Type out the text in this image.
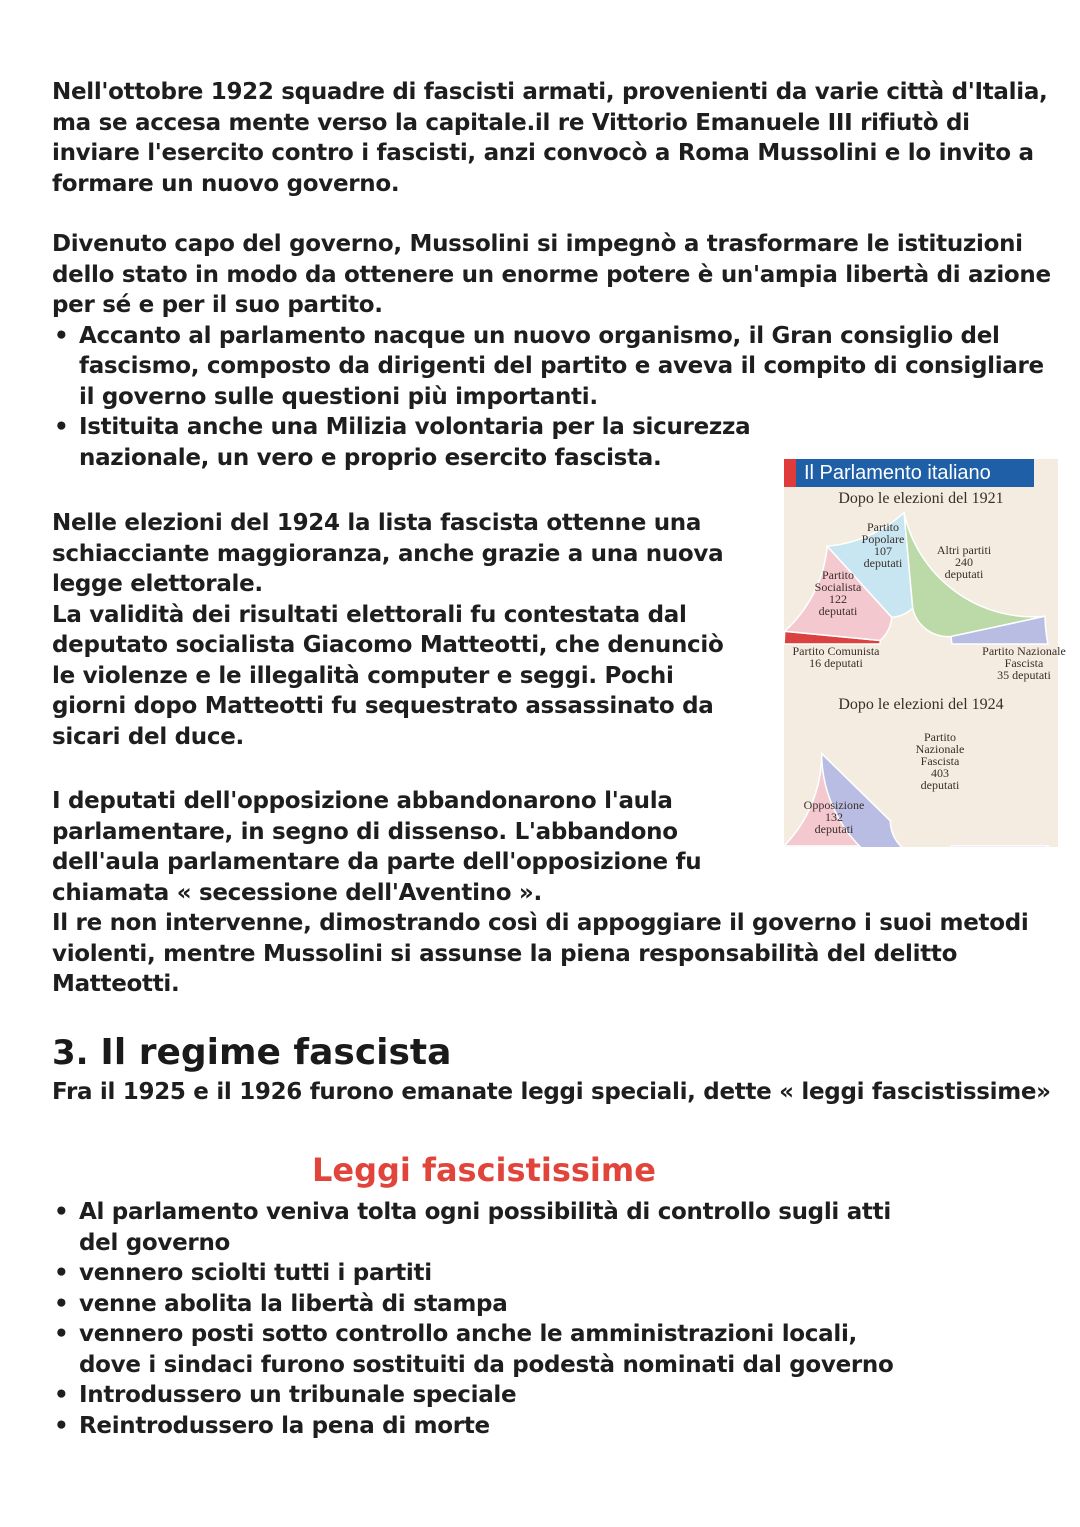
Nell'ottobre 1922 squadre di fascisti armati, provenienti da varie città d'Italia, ma se accesa mente verso la capitale.il re Vittorio Emanuele III rifiutò di inviare l'esercito contro i fascisti, anzi convocò a Roma Mussolini e lo invito a formare un nuovo governo.

Divenuto capo del governo, Mussolini si impegnò a trasformare le istituzioni dello stato in modo da ottenere un enorme potere è un'ampia libertà di azione per sé e per il suo partito.

• Accanto al parlamento nacque un nuovo organismo, il Gran consiglio del fascismo, composto da dirigenti del partito e aveva il compito di consigliare il governo sulle questioni più importanti.
• Istituita anche una Milizia volontaria per la sicurezza nazionale, un vero e proprio esercito fascista.

Nelle elezioni del 1924 la lista fascista ottenne una schiacciante maggioranza, anche grazie a una nuova legge elettorale.

La validità dei risultati elettorali fu contestata dal deputato socialista Giacomo Matteotti, che denunciò le violenze e le illegalità computer e seggi. Pochi giorni dopo Matteotti fu sequestrato assassinato da sicari del duce.

I deputati dell'opposizione abbandonarono l'aula parlamentare, in segno di dissenso. L'abbandono dell'aula parlamentare da parte dell'opposizione fu chiamata « secessione dell'Aventino ».

Il re non intervenne, dimostrando così di appoggiare il governo i suoi metodi violenti, mentre Mussolini si assunse la piena responsabilità del delitto Matteotti.

3. Il regime fascista

Fra il 1925 e il 1926 furono emanate leggi speciali, dette « leggi fascistissime»

Leggi fascistissime
• Al parlamento veniva tolta ogni possibilità di controllo sugli atti del governo
• vennero sciolti tutti i partiti
• venne abolita la libertà di stampa
• vennero posti sotto controllo anche le amministrazioni locali, dove i sindaci furono sostituiti da podestà nominati dal governo
• Introdussero un tribunale speciale
• Reintrodussero la pena di morte
Il Parlamento italiano
Dopo le elezioni del 1921
Dopo le elezioni del 1924
Partito Comunista
16 deputati
Partito
Socialista
122
deputati
Partito
Popolare
107
deputati
Altri partiti
240
deputati
Partito Nazionale
Fascista
35 deputati
Opposizione
132
deputati
Partito
Nazionale
Fascista
403
deputati
